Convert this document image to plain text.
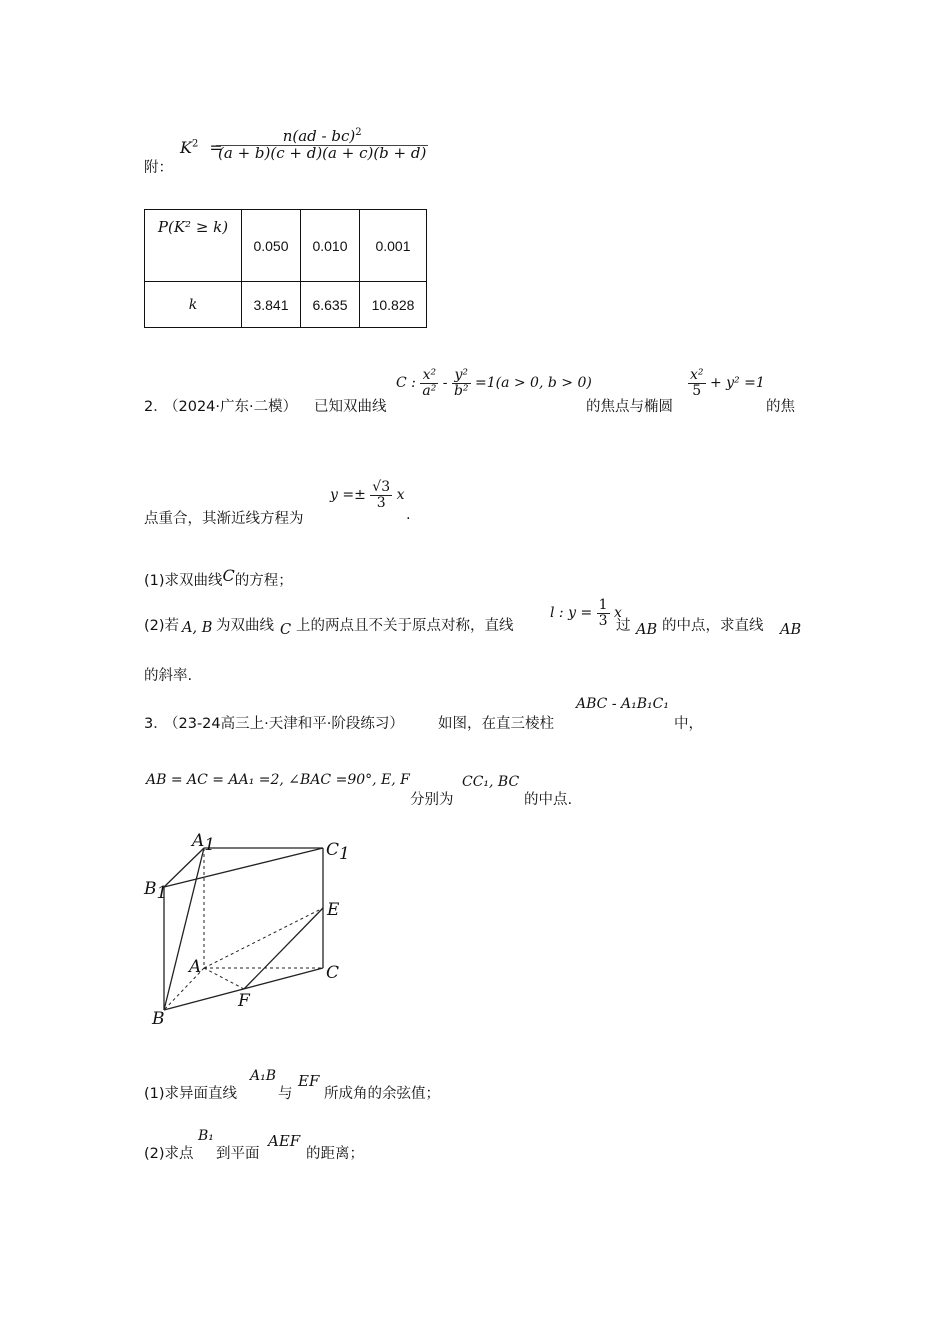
附：
$K^2$ =
$\frac{n(ad - bc)^2}{(a + b)(c + d)(a + c)(b + d)}$
P(K² ≥ k)	0.050	0.010	0.001
k	3.841	6.635	10.828
2．
（2024·广东·二模） 已知双曲线
C : $\frac{\text{x²}}{\text{a²}} - \frac{\text{y²}}{\text{b²}} =1(a > 0$, b > 0)
的焦点与椭圆
$\frac{\text{x²}}{5} + y^2 =1$
的焦
点重合，其渐近线方程为
$y =\pm \frac{√3}{3}$ x
.
(1)求双曲线C的方程；
(2)若 A, B 为双曲线 C 上的两点且不关于原点对称，直线
l : $y = \frac{1}{3}$ x
过 AB 的中点，求直线 AB
的斜率.
3．
（23-24高三上·天津和平·阶段练习） 如图，在直三棱柱
ABC - A₁B₁C₁
中，
AB = AC = AA₁ =2, ∠BAC =90°, E, F
分别为
CC₁, BC
的中点.
A1	C1
B1
E
A	C
F
B
(1)求异面直线
A₁B
与
EF
所成角的余弦值；
(2)求点
B₁
到平面
AEF
的距离；
